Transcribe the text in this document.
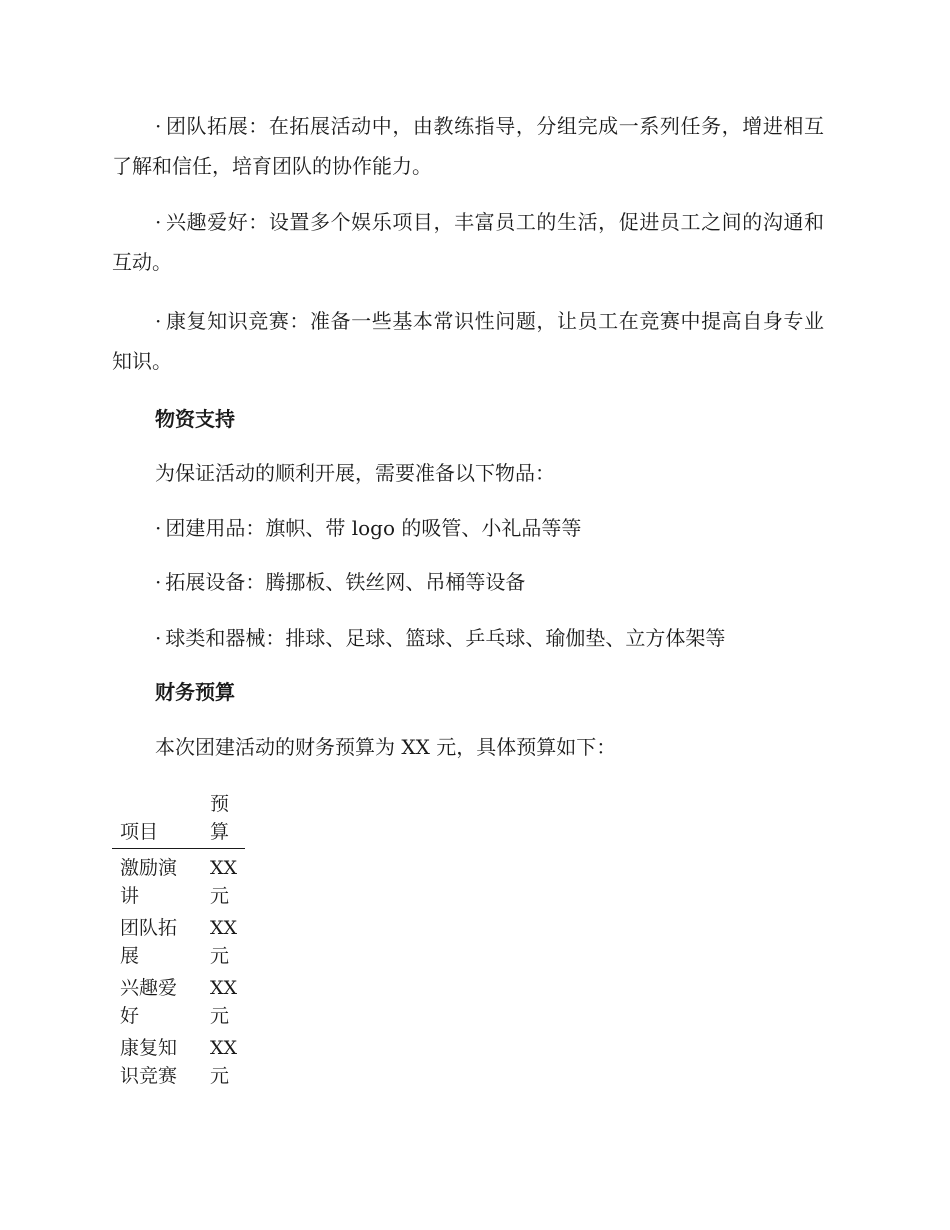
· 团队拓展：在拓展活动中，由教练指导，分组完成一系列任务，增进相互了解和信任，培育团队的协作能力。

· 兴趣爱好：设置多个娱乐项目，丰富员工的生活，促进员工之间的沟通和互动。

· 康复知识竞赛：准备一些基本常识性问题，让员工在竞赛中提高自身专业知识。

物资支持

为保证活动的顺利开展，需要准备以下物品：

· 团建用品：旗帜、带 logo 的吸管、小礼品等等

· 拓展设备：腾挪板、铁丝网、吊桶等设备

· 球类和器械：排球、足球、篮球、乒乓球、瑜伽垫、立方体架等

财务预算

本次团建活动的财务预算为 XX 元，具体预算如下：

项目	预算
激励演讲	XX 元
团队拓展	XX 元
兴趣爱好	XX 元
康复知识竞赛	XX 元
